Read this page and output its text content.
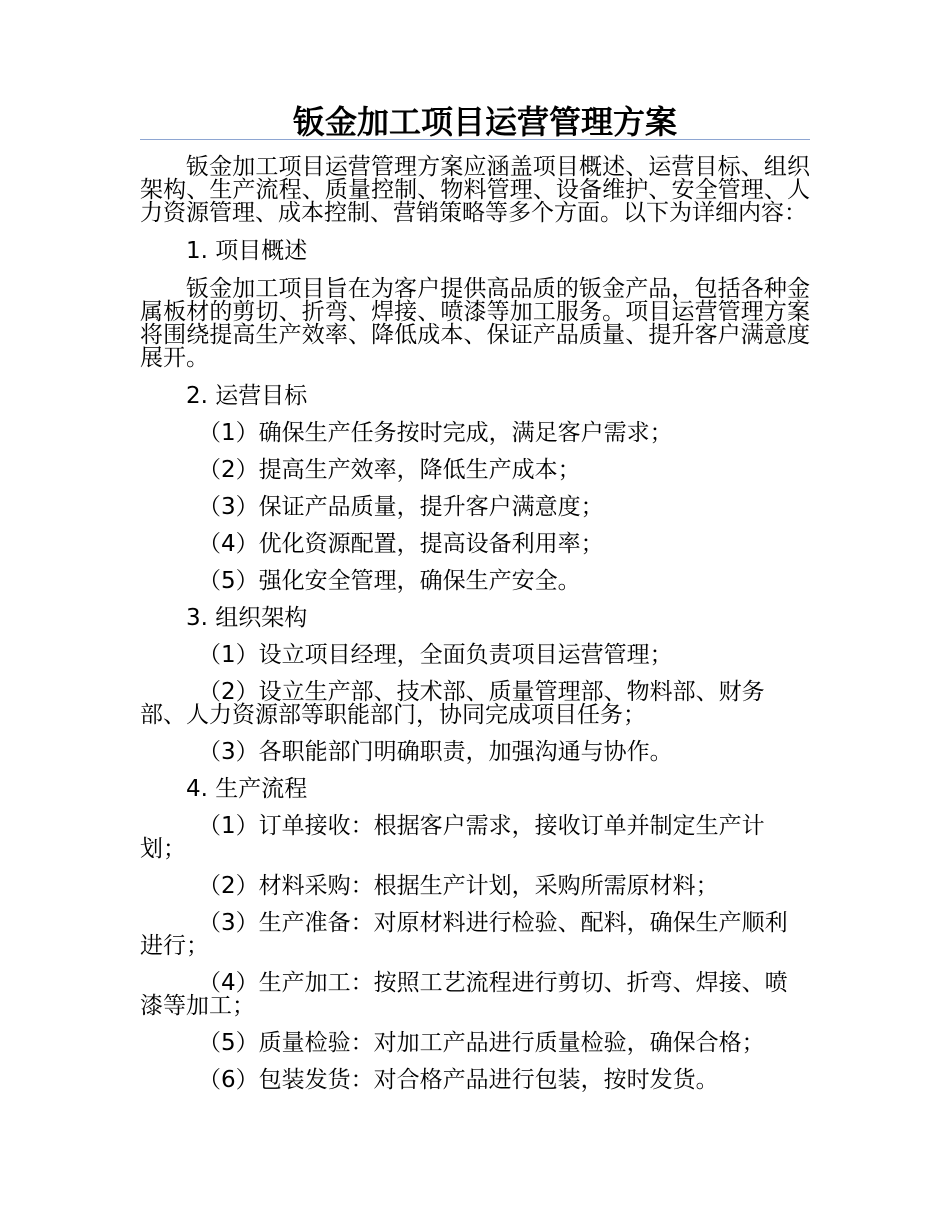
钣金加工项目运营管理方案

钣金加工项目运营管理方案应涵盖项目概述、运营目标、组织架构、生产流程、质量控制、物料管理、设备维护、安全管理、人力资源管理、成本控制、营销策略等多个方面。以下为详细内容：

1. 项目概述

钣金加工项目旨在为客户提供高品质的钣金产品，包括各种金属板材的剪切、折弯、焊接、喷漆等加工服务。项目运营管理方案将围绕提高生产效率、降低成本、保证产品质量、提升客户满意度展开。

2. 运营目标

（1）确保生产任务按时完成，满足客户需求；

（2）提高生产效率，降低生产成本；

（3）保证产品质量，提升客户满意度；

（4）优化资源配置，提高设备利用率；

（5）强化安全管理，确保生产安全。

3. 组织架构

（1）设立项目经理，全面负责项目运营管理；

（2）设立生产部、技术部、质量管理部、物料部、财务部、人力资源部等职能部门，协同完成项目任务；

（3）各职能部门明确职责，加强沟通与协作。

4. 生产流程

（1）订单接收：根据客户需求，接收订单并制定生产计划；

（2）材料采购：根据生产计划，采购所需原材料；

（3）生产准备：对原材料进行检验、配料，确保生产顺利进行；

（4）生产加工：按照工艺流程进行剪切、折弯、焊接、喷漆等加工；

（5）质量检验：对加工产品进行质量检验，确保合格；

（6）包装发货：对合格产品进行包装，按时发货。
